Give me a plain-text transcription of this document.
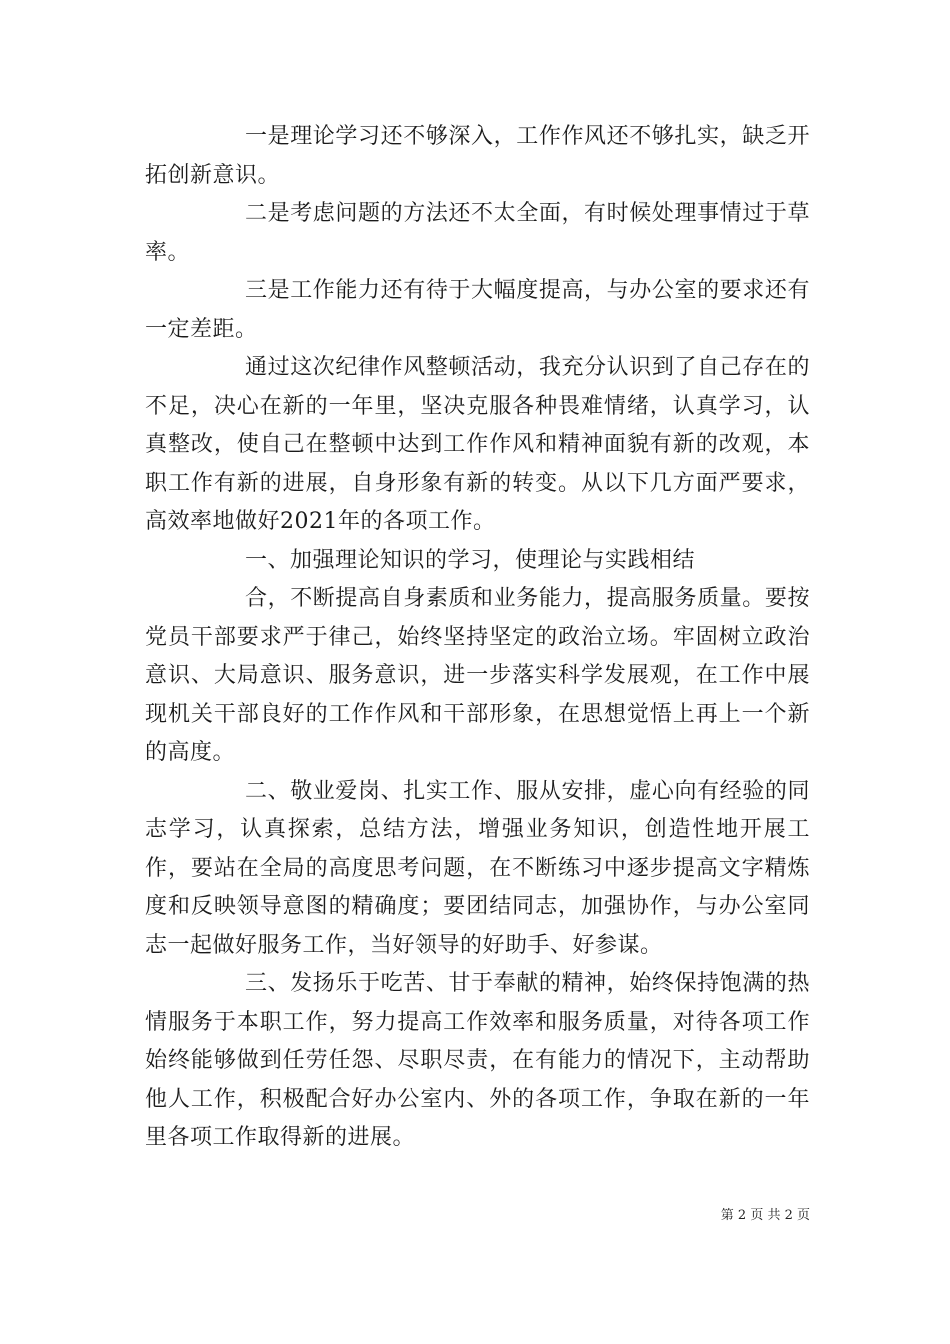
一是理论学习还不够深入，工作作风还不够扎实，缺乏开拓创新意识。

二是考虑问题的方法还不太全面，有时候处理事情过于草率。

三是工作能力还有待于大幅度提高，与办公室的要求还有一定差距。

通过这次纪律作风整顿活动，我充分认识到了自己存在的不足，决心在新的一年里，坚决克服各种畏难情绪，认真学习，认真整改，使自己在整顿中达到工作作风和精神面貌有新的改观，本职工作有新的进展，自身形象有新的转变。从以下几方面严要求，高效率地做好2021年的各项工作。

一、加强理论知识的学习，使理论与实践相结

合，不断提高自身素质和业务能力，提高服务质量。要按党员干部要求严于律己，始终坚持坚定的政治立场。牢固树立政治意识、大局意识、服务意识，进一步落实科学发展观，在工作中展现机关干部良好的工作作风和干部形象，在思想觉悟上再上一个新的高度。

二、敬业爱岗、扎实工作、服从安排，虚心向有经验的同志学习，认真探索，总结方法，增强业务知识，创造性地开展工作，要站在全局的高度思考问题，在不断练习中逐步提高文字精炼度和反映领导意图的精确度；要团结同志，加强协作，与办公室同志一起做好服务工作，当好领导的好助手、好参谋。

三、发扬乐于吃苦、甘于奉献的精神，始终保持饱满的热情服务于本职工作，努力提高工作效率和服务质量，对待各项工作始终能够做到任劳任怨、尽职尽责，在有能力的情况下，主动帮助他人工作，积极配合好办公室内、外的各项工作，争取在新的一年里各项工作取得新的进展。

第 2 页 共 2 页
